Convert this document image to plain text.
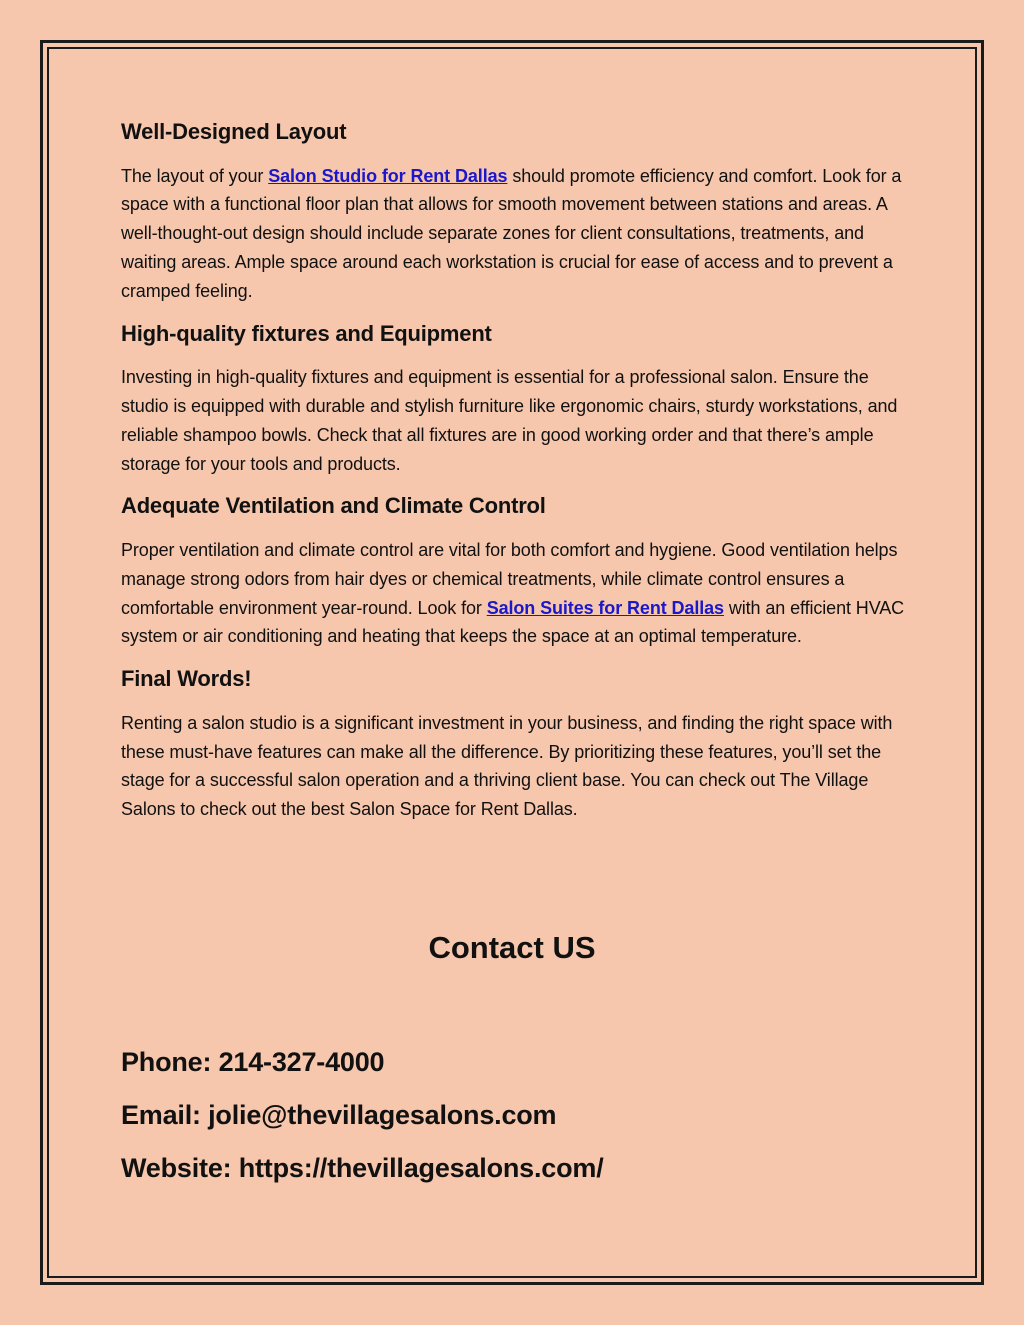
Well-Designed Layout

The layout of your Salon Studio for Rent Dallas should promote efficiency and comfort. Look for a space with a functional floor plan that allows for smooth movement between stations and areas. A well-thought-out design should include separate zones for client consultations, treatments, and waiting areas. Ample space around each workstation is crucial for ease of access and to prevent a cramped feeling.

High-quality fixtures and Equipment

Investing in high-quality fixtures and equipment is essential for a professional salon. Ensure the studio is equipped with durable and stylish furniture like ergonomic chairs, sturdy workstations, and reliable shampoo bowls. Check that all fixtures are in good working order and that there’s ample storage for your tools and products.

Adequate Ventilation and Climate Control

Proper ventilation and climate control are vital for both comfort and hygiene. Good ventilation helps manage strong odors from hair dyes or chemical treatments, while climate control ensures a comfortable environment year-round. Look for Salon Suites for Rent Dallas with an efficient HVAC system or air conditioning and heating that keeps the space at an optimal temperature.

Final Words!

Renting a salon studio is a significant investment in your business, and finding the right space with these must-have features can make all the difference. By prioritizing these features, you’ll set the stage for a successful salon operation and a thriving client base. You can check out The Village Salons to check out the best Salon Space for Rent Dallas.

Contact US

Phone: 214-327-4000

Email: jolie@thevillagesalons.com

Website: https://thevillagesalons.com/
